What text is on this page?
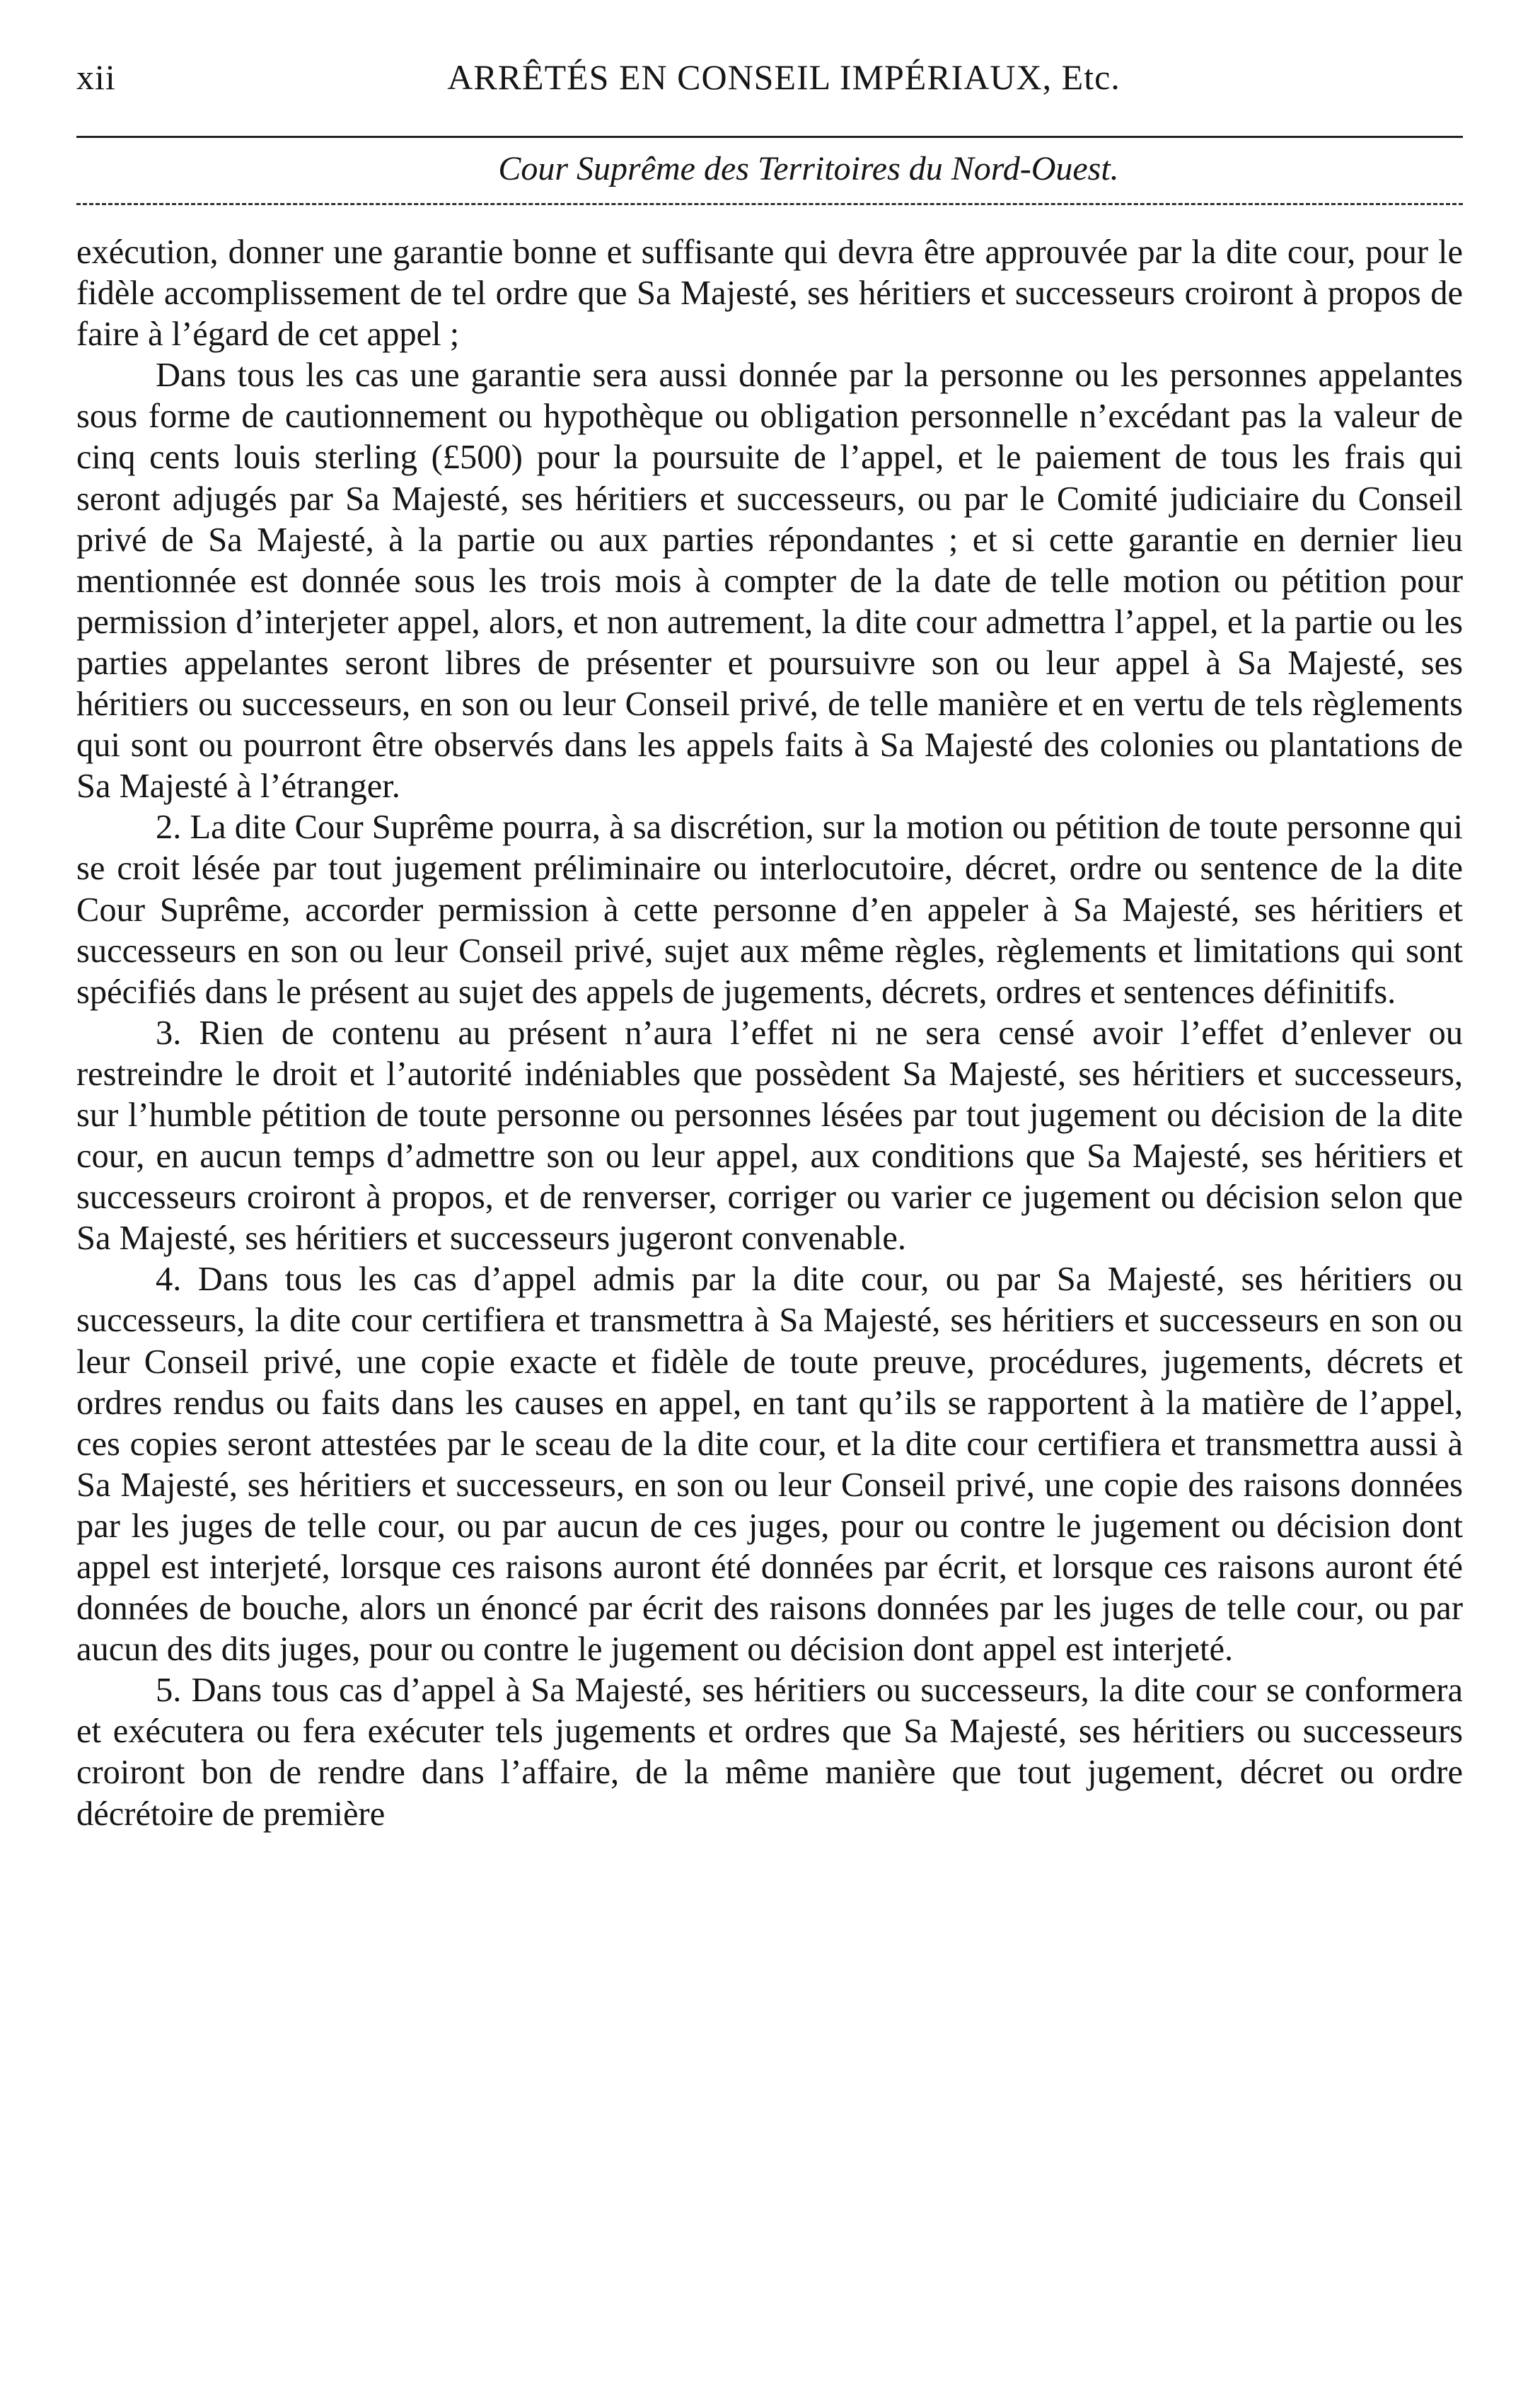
xii	ARRÊTÉS EN CONSEIL IMPÉRIAUX, Etc.
Cour Suprême des Territoires du Nord-Ouest.

exécution, donner une garantie bonne et suffisante qui devra être approuvée par la dite cour, pour le fidèle accomplissement de tel ordre que Sa Majesté, ses héritiers et successeurs croiront à propos de faire à l’égard de cet appel ;

Dans tous les cas une garantie sera aussi donnée par la personne ou les personnes appelantes sous forme de cautionnement ou hypothèque ou obligation personnelle n’excédant pas la valeur de cinq cents louis sterling (£500) pour la poursuite de l’appel, et le paiement de tous les frais qui seront adjugés par Sa Majesté, ses héritiers et successeurs, ou par le Comité judiciaire du Conseil privé de Sa Majesté, à la partie ou aux parties répondantes ; et si cette garantie en dernier lieu mentionnée est donnée sous les trois mois à compter de la date de telle motion ou pétition pour permission d’interjeter appel, alors, et non autrement, la dite cour admettra l’appel, et la partie ou les parties appelantes seront libres de présenter et poursuivre son ou leur appel à Sa Majesté, ses héritiers ou successeurs, en son ou leur Conseil privé, de telle manière et en vertu de tels règlements qui sont ou pourront être observés dans les appels faits à Sa Majesté des colonies ou plantations de Sa Majesté à l’étranger.

2. La dite Cour Suprême pourra, à sa discrétion, sur la motion ou pétition de toute personne qui se croit lésée par tout jugement préliminaire ou interlocutoire, décret, ordre ou sentence de la dite Cour Suprême, accorder permission à cette personne d’en appeler à Sa Majesté, ses héritiers et successeurs en son ou leur Conseil privé, sujet aux même règles, règlements et limitations qui sont spécifiés dans le présent au sujet des appels de jugements, décrets, ordres et sentences définitifs.

3. Rien de contenu au présent n’aura l’effet ni ne sera censé avoir l’effet d’enlever ou restreindre le droit et l’autorité indéniables que possèdent Sa Majesté, ses héritiers et successeurs, sur l’humble pétition de toute personne ou personnes lésées par tout jugement ou décision de la dite cour, en aucun temps d’admettre son ou leur appel, aux conditions que Sa Majesté, ses héritiers et successeurs croiront à propos, et de renverser, corriger ou varier ce jugement ou décision selon que Sa Majesté, ses héritiers et successeurs jugeront convenable.

4. Dans tous les cas d’appel admis par la dite cour, ou par Sa Majesté, ses héritiers ou successeurs, la dite cour certifiera et transmettra à Sa Majesté, ses héritiers et successeurs en son ou leur Conseil privé, une copie exacte et fidèle de toute preuve, procédures, jugements, décrets et ordres rendus ou faits dans les causes en appel, en tant qu’ils se rapportent à la matière de l’appel, ces copies seront attestées par le sceau de la dite cour, et la dite cour certifiera et transmettra aussi à Sa Majesté, ses héritiers et successeurs, en son ou leur Conseil privé, une copie des raisons données par les juges de telle cour, ou par aucun de ces juges, pour ou contre le jugement ou décision dont appel est interjeté, lorsque ces raisons auront été données par écrit, et lorsque ces raisons auront été données de bouche, alors un énoncé par écrit des raisons données par les juges de telle cour, ou par aucun des dits juges, pour ou contre le jugement ou décision dont appel est interjeté.

5. Dans tous cas d’appel à Sa Majesté, ses héritiers ou successeurs, la dite cour se conformera et exécutera ou fera exécuter tels jugements et ordres que Sa Majesté, ses héritiers ou successeurs croiront bon de rendre dans l’affaire, de la même manière que tout jugement, décret ou ordre décrétoire de première
